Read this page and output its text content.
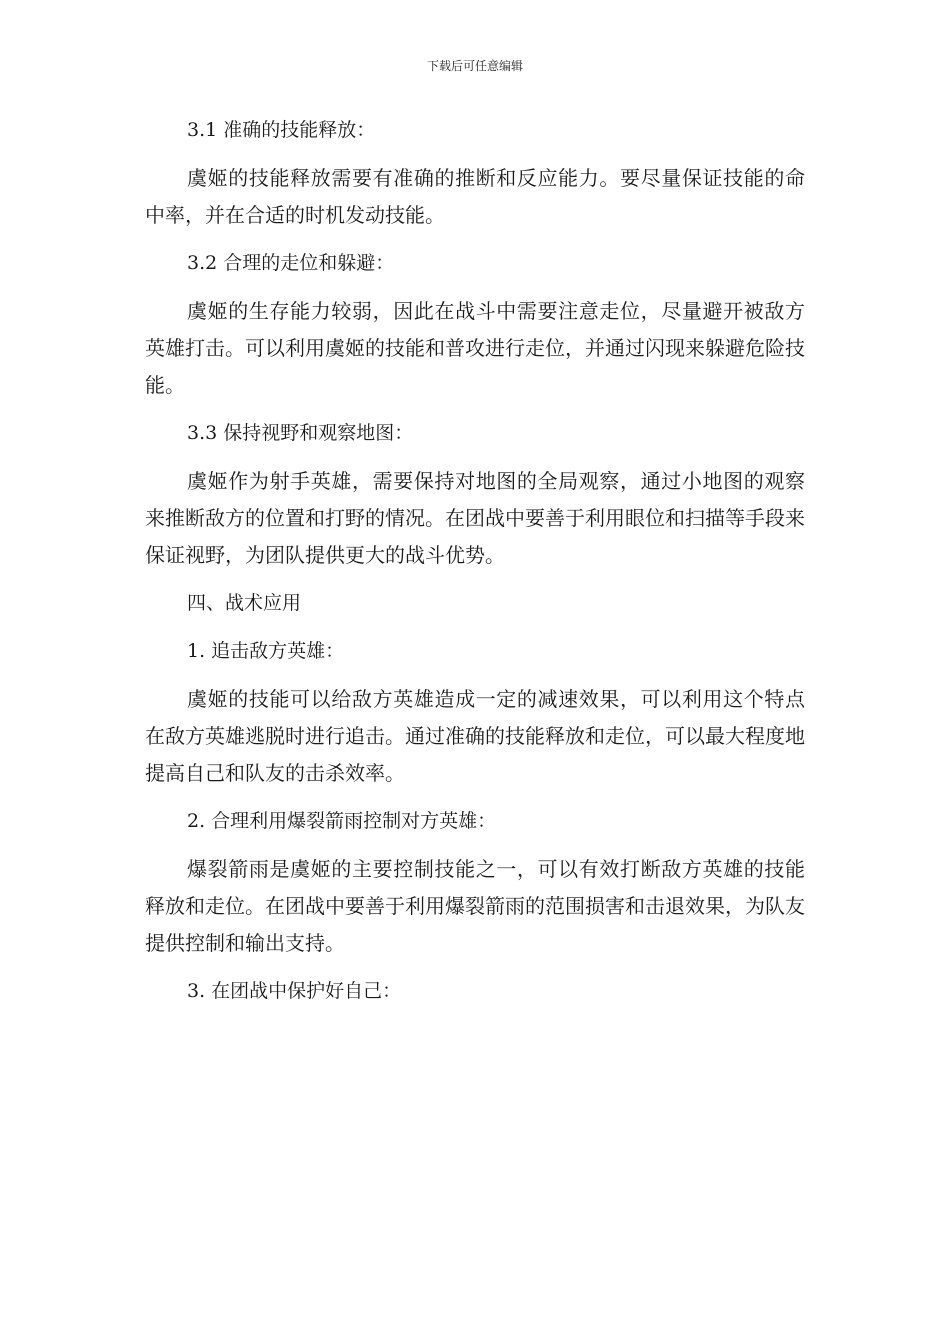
下载后可任意编辑

3.1 准确的技能释放：

虞姬的技能释放需要有准确的推断和反应能力。要尽量保证技能的命中率，并在合适的时机发动技能。

3.2 合理的走位和躲避：

虞姬的生存能力较弱，因此在战斗中需要注意走位，尽量避开被敌方英雄打击。可以利用虞姬的技能和普攻进行走位，并通过闪现来躲避危险技能。

3.3 保持视野和观察地图：

虞姬作为射手英雄，需要保持对地图的全局观察，通过小地图的观察来推断敌方的位置和打野的情况。在团战中要善于利用眼位和扫描等手段来保证视野，为团队提供更大的战斗优势。

四、战术应用

1. 追击敌方英雄：

虞姬的技能可以给敌方英雄造成一定的减速效果，可以利用这个特点在敌方英雄逃脱时进行追击。通过准确的技能释放和走位，可以最大程度地提高自己和队友的击杀效率。

2. 合理利用爆裂箭雨控制对方英雄：

爆裂箭雨是虞姬的主要控制技能之一，可以有效打断敌方英雄的技能释放和走位。在团战中要善于利用爆裂箭雨的范围损害和击退效果，为队友提供控制和输出支持。

3. 在团战中保护好自己：
